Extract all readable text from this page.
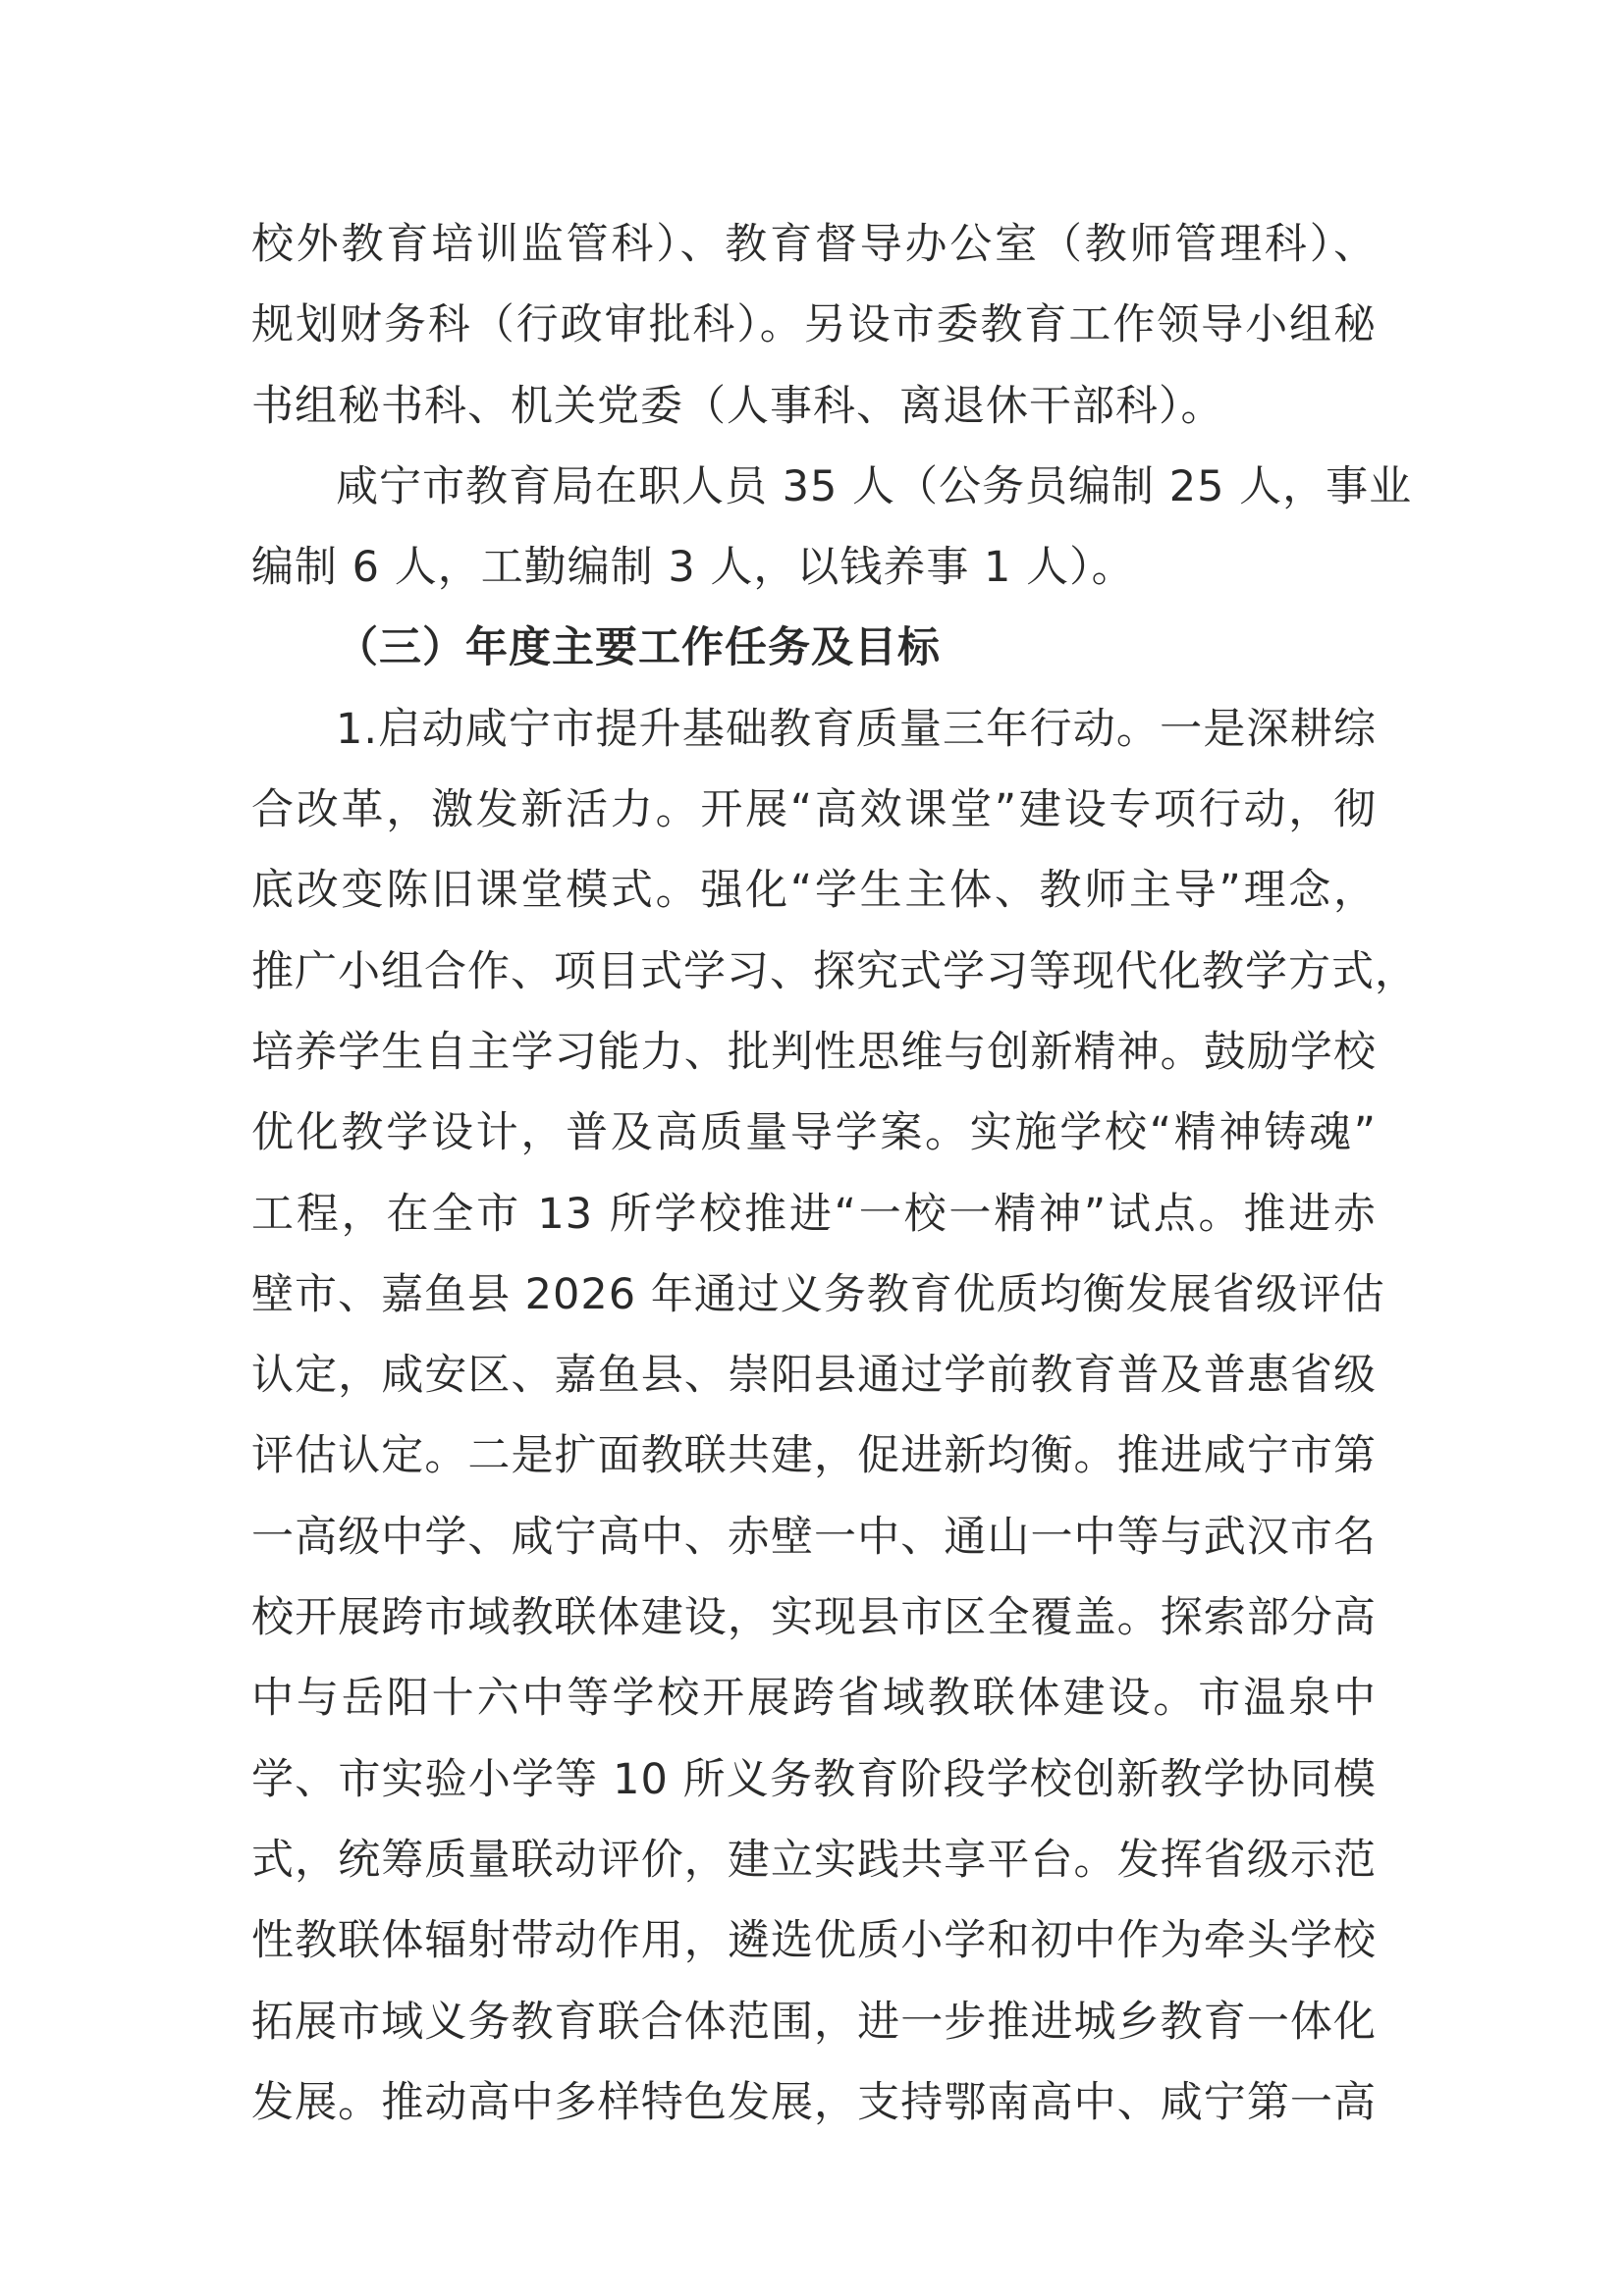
校外教育培训监管科）、教育督导办公室（教师管理科）、
规划财务科（行政审批科）。另设市委教育工作领导小组秘
书组秘书科、机关党委（人事科、离退休干部科）。
咸宁市教育局在职人员 35 人（公务员编制 25 人，事业
编制 6 人，工勤编制 3 人，以钱养事 1 人）。
（三）年度主要工作任务及目标
1.启动咸宁市提升基础教育质量三年行动。一是深耕综
合改革，激发新活力。开展“高效课堂”建设专项行动，彻
底改变陈旧课堂模式。强化“学生主体、教师主导”理念，
推广小组合作、项目式学习、探究式学习等现代化教学方式，
培养学生自主学习能力、批判性思维与创新精神。鼓励学校
优化教学设计，普及高质量导学案。实施学校“精神铸魂”
工程，在全市 13 所学校推进“一校一精神”试点。推进赤
壁市、嘉鱼县 2026 年通过义务教育优质均衡发展省级评估
认定，咸安区、嘉鱼县、崇阳县通过学前教育普及普惠省级
评估认定。二是扩面教联共建，促进新均衡。推进咸宁市第
一高级中学、咸宁高中、赤壁一中、通山一中等与武汉市名
校开展跨市域教联体建设，实现县市区全覆盖。探索部分高
中与岳阳十六中等学校开展跨省域教联体建设。市温泉中
学、市实验小学等 10 所义务教育阶段学校创新教学协同模
式，统筹质量联动评价，建立实践共享平台。发挥省级示范
性教联体辐射带动作用，遴选优质小学和初中作为牵头学校
拓展市域义务教育联合体范围，进一步推进城乡教育一体化
发展。推动高中多样特色发展，支持鄂南高中、咸宁第一高
